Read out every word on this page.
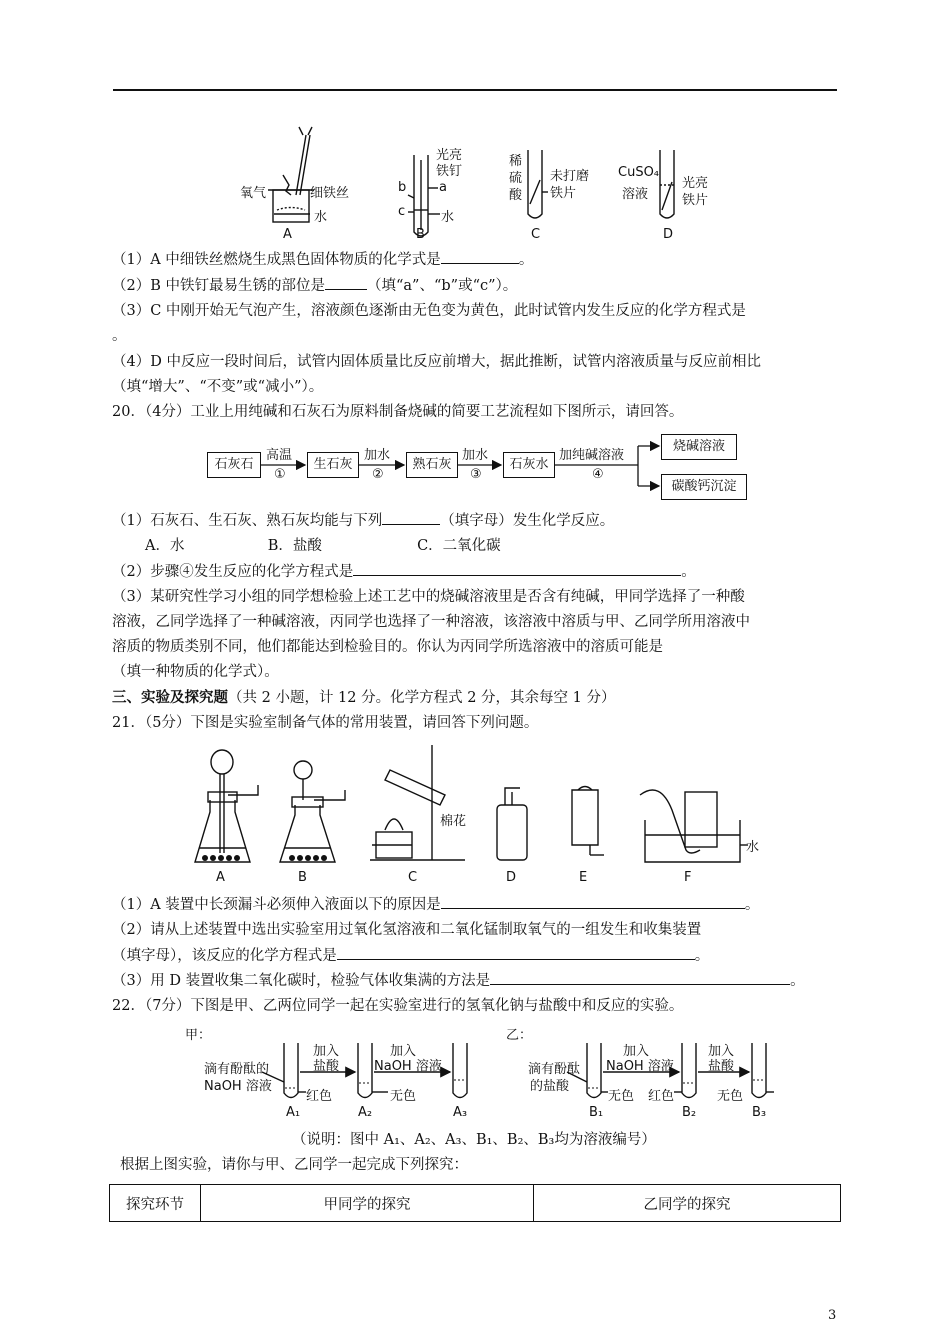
氧气	细铁丝
水
A
光亮铁钉
a
b
c	水
B
稀
硫
酸
未打磨
铁片
C
CuSO₄
溶液
光亮
铁片
D
（1）A 中细铁丝燃烧生成黑色固体物质的化学式是	。
（2）B 中铁钉最易生锈的部位是	（填“a”、“b”或“c”）。
（3）C 中刚开始无气泡产生，溶液颜色逐渐由无色变为黄色，此时试管内发生反应的化学方程式是
。
（4）D 中反应一段时间后，试管内固体质量比反应前增大，据此推断，试管内溶液质量与反应前相比
（填“增大”、“不变”或“减小”）。
20．（4分）工业上用纯碱和石灰石为原料制备烧碱的简要工艺流程如下图所示，请回答。
石灰石	生石灰	熟石灰	石灰水
烧碱溶液
碳酸钙沉淀
高温	加水	加水	加纯碱溶液
①	②	③	④
（1）石灰石、生石灰、熟石灰均能与下列	（填字母）发生化学反应。
A．水	B．盐酸	C．二氧化碳
（2）步骤④发生反应的化学方程式是	。
（3）某研究性学习小组的同学想检验上述工艺中的烧碱溶液里是否含有纯碱，甲同学选择了一种酸
溶液，乙同学选择了一种碱溶液，丙同学也选择了一种溶液，该溶液中溶质与甲、乙同学所用溶液中
溶质的物质类别不同，他们都能达到检验目的。你认为丙同学所选溶液中的溶质可能是
（填一种物质的化学式）。
三、实验及探究题（共 2 小题，计 12 分。化学方程式 2 分，其余每空 1 分）
21．（5分）下图是实验室制备气体的常用装置，请回答下列问题。
A	B	C
棉花
D	E	F
水
（1）A 装置中长颈漏斗必须伸入液面以下的原因是	。
（2）请从上述装置中选出实验室用过氧化氢溶液和二氧化锰制取氧气的一组发生和收集装置
（填字母），该反应的化学方程式是	。
（3）用 D 装置收集二氧化碳时，检验气体收集满的方法是	。
22．（7分）下图是甲、乙两位同学一起在实验室进行的氢氧化钠与盐酸中和反应的实验。
甲：	乙：
滴有酚酞的
NaOH 溶液
加入
盐酸
加入
NaOH 溶液
红色	无色
A₁	A₂	A₃
滴有酚酞
的盐酸
加入
NaOH 溶液
加入
盐酸
无色 红色	无色
B₁	B₂	B₃
（说明：图中 A₁、A₂、A₃、B₁、B₂、B₃均为溶液编号）
根据上图实验，请你与甲、乙同学一起完成下列探究：
探究环节	甲同学的探究	乙同学的探究
3
